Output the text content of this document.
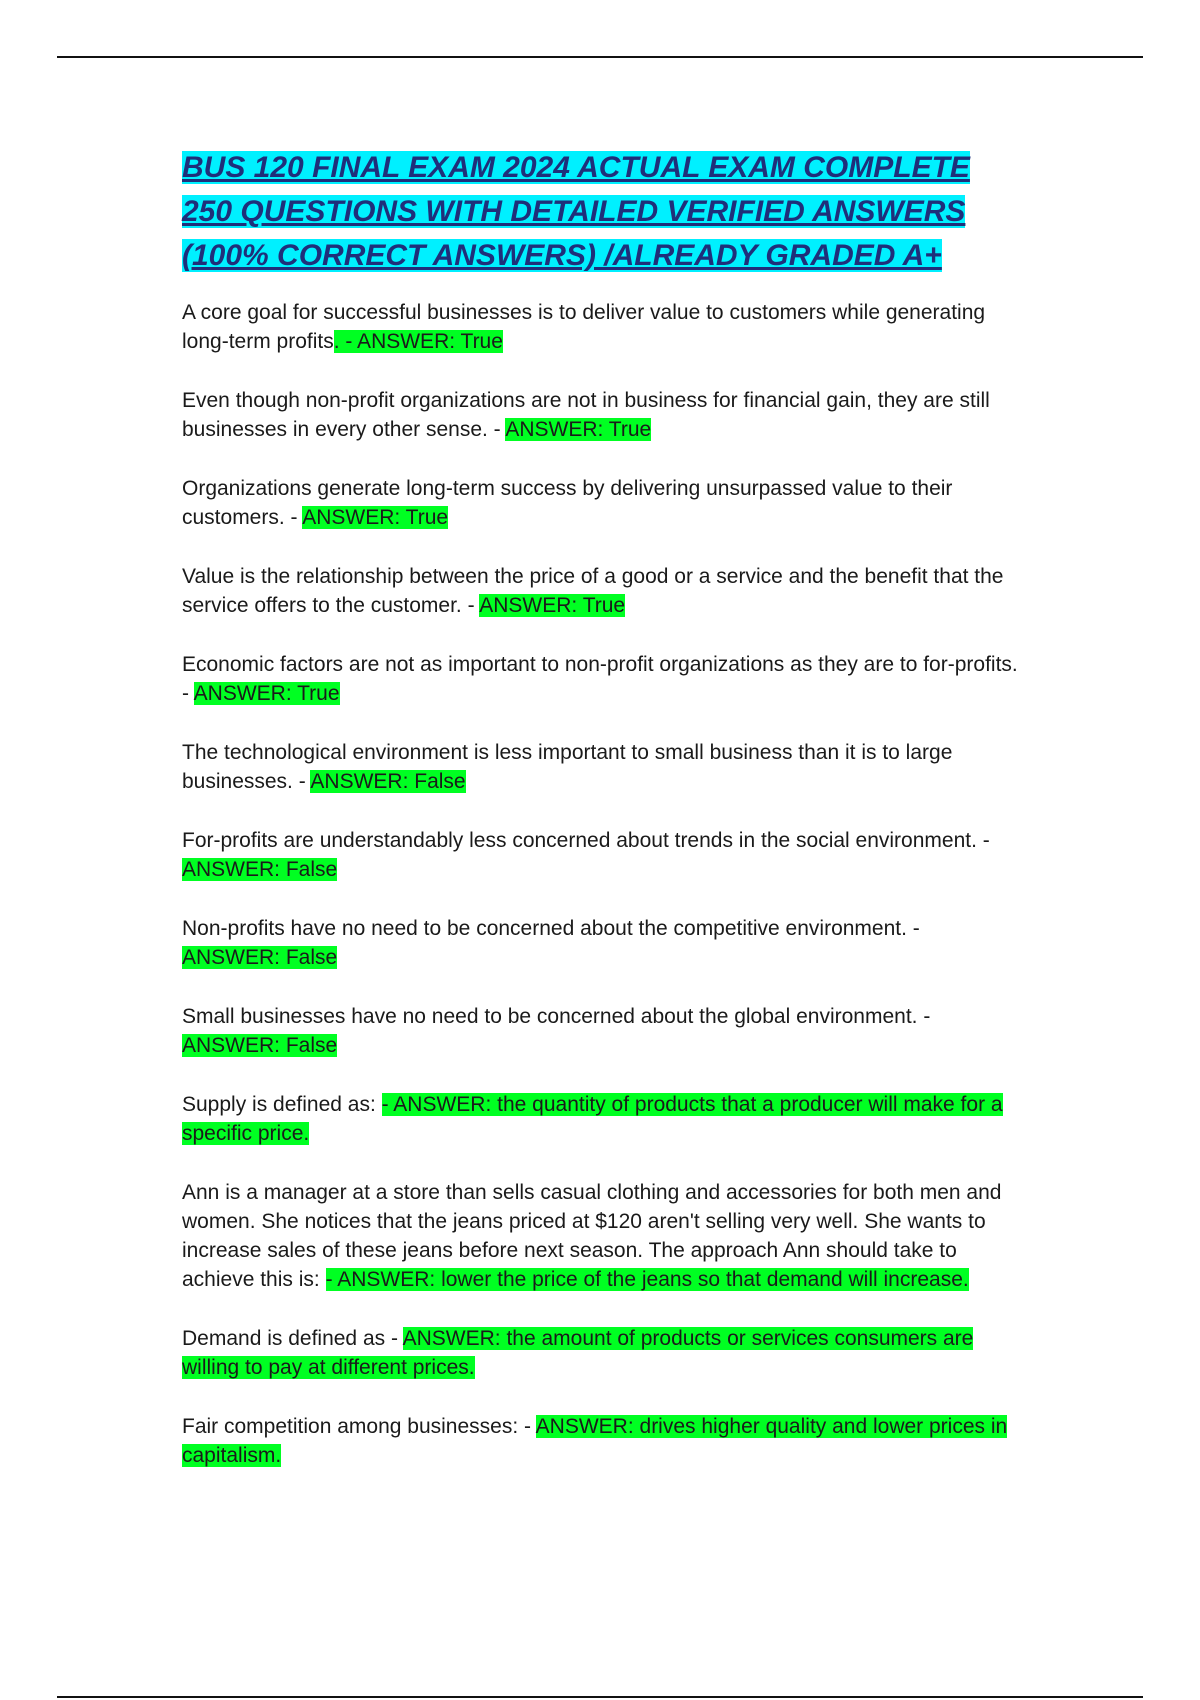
BUS 120 FINAL EXAM 2024 ACTUAL EXAM COMPLETE 250 QUESTIONS WITH DETAILED VERIFIED ANSWERS (100% CORRECT ANSWERS) /ALREADY GRADED A+

A core goal for successful businesses is to deliver value to customers while generating long-term profits. - ANSWER: True

Even though non-profit organizations are not in business for financial gain, they are still businesses in every other sense. - ANSWER: True

Organizations generate long-term success by delivering unsurpassed value to their customers. - ANSWER: True

Value is the relationship between the price of a good or a service and the benefit that the service offers to the customer. - ANSWER: True

Economic factors are not as important to non-profit organizations as they are to for-profits. - ANSWER: True

The technological environment is less important to small business than it is to large businesses. - ANSWER: False

For-profits are understandably less concerned about trends in the social environment. - ANSWER: False

Non-profits have no need to be concerned about the competitive environment. - ANSWER: False

Small businesses have no need to be concerned about the global environment. - ANSWER: False

Supply is defined as: - ANSWER: the quantity of products that a producer will make for a specific price.

Ann is a manager at a store than sells casual clothing and accessories for both men and women. She notices that the jeans priced at $120 aren't selling very well. She wants to increase sales of these jeans before next season. The approach Ann should take to achieve this is: - ANSWER: lower the price of the jeans so that demand will increase.

Demand is defined as - ANSWER: the amount of products or services consumers are willing to pay at different prices.

Fair competition among businesses: - ANSWER: drives higher quality and lower prices in capitalism.
